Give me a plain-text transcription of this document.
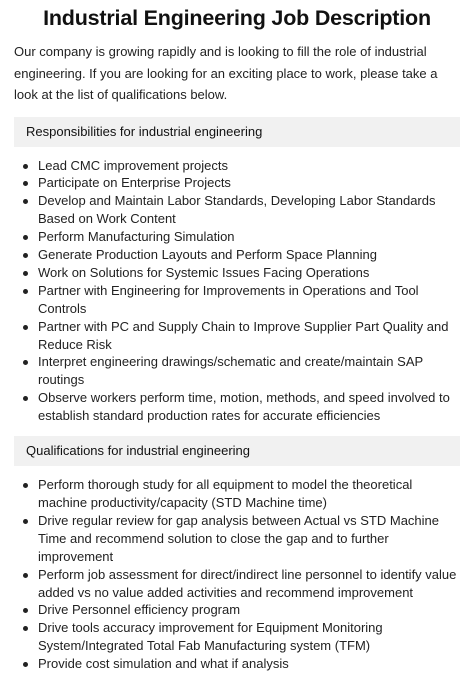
Industrial Engineering Job Description

Our company is growing rapidly and is looking to fill the role of industrial engineering. If you are looking for an exciting place to work, please take a look at the list of qualifications below.

Responsibilities for industrial engineering
Lead CMC improvement projects
Participate on Enterprise Projects
Develop and Maintain Labor Standards, Developing Labor Standards Based on Work Content
Perform Manufacturing Simulation
Generate Production Layouts and Perform Space Planning
Work on Solutions for Systemic Issues Facing Operations
Partner with Engineering for Improvements in Operations and Tool Controls
Partner with PC and Supply Chain to Improve Supplier Part Quality and Reduce Risk
Interpret engineering drawings/schematic and create/maintain SAP routings
Observe workers perform time, motion, methods, and speed involved to establish standard production rates for accurate efficiencies
Qualifications for industrial engineering
Perform thorough study for all equipment to model the theoretical machine productivity/capacity (STD Machine time)
Drive regular review for gap analysis between Actual vs STD Machine Time and recommend solution to close the gap and to further improvement
Perform job assessment for direct/indirect line personnel to identify value added vs no value added activities and recommend improvement
Drive Personnel efficiency program
Drive tools accuracy improvement for Equipment Monitoring System/Integrated Total Fab Manufacturing system (TFM)
Provide cost simulation and what if analysis
